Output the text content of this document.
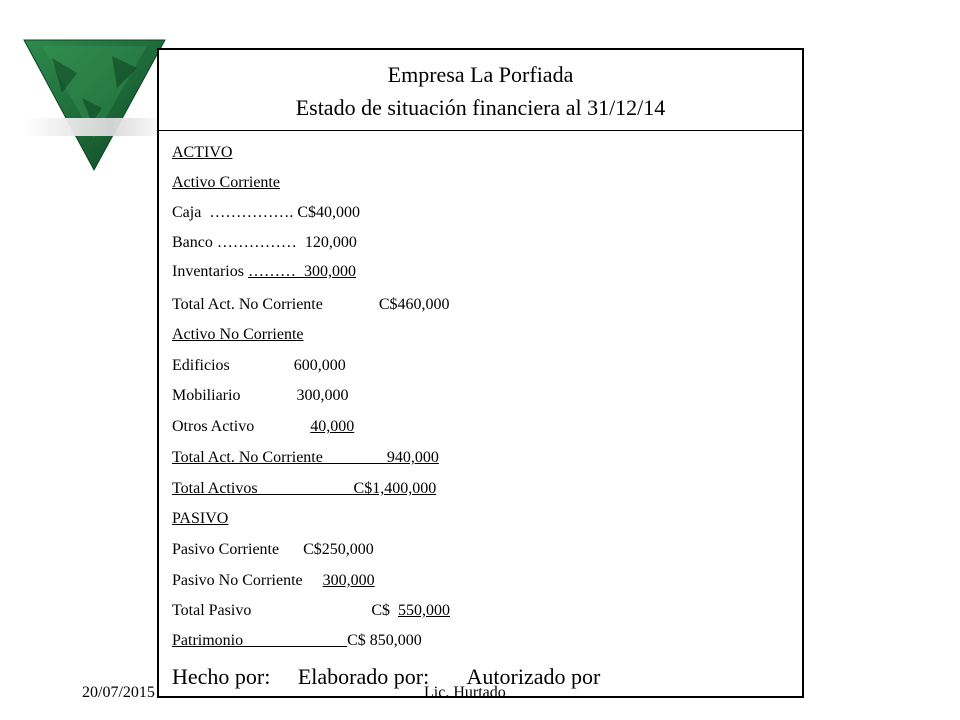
Empresa La Porfiada
Estado de situación financiera al 31/12/14
ACTIVO
Activo Corriente
Caja  ……………. C$40,000
Banco ……………  120,000
Inventarios ………  300,000
Total Act. No Corriente              C$460,000
Activo No Corriente
Edificios                600,000
Mobiliario              300,000
Otros Activo              40,000
Total Act. No Corriente                940,000
Total Activos                        C$1,400,000
PASIVO
Pasivo Corriente      C$250,000
Pasivo No Corriente     300,000
Total Pasivo                              C$  550,000
Patrimonio                          C$ 850,000
Hecho por:     Elaborado por:       Autorizado por
20/07/2015	Lic. Hurtado
